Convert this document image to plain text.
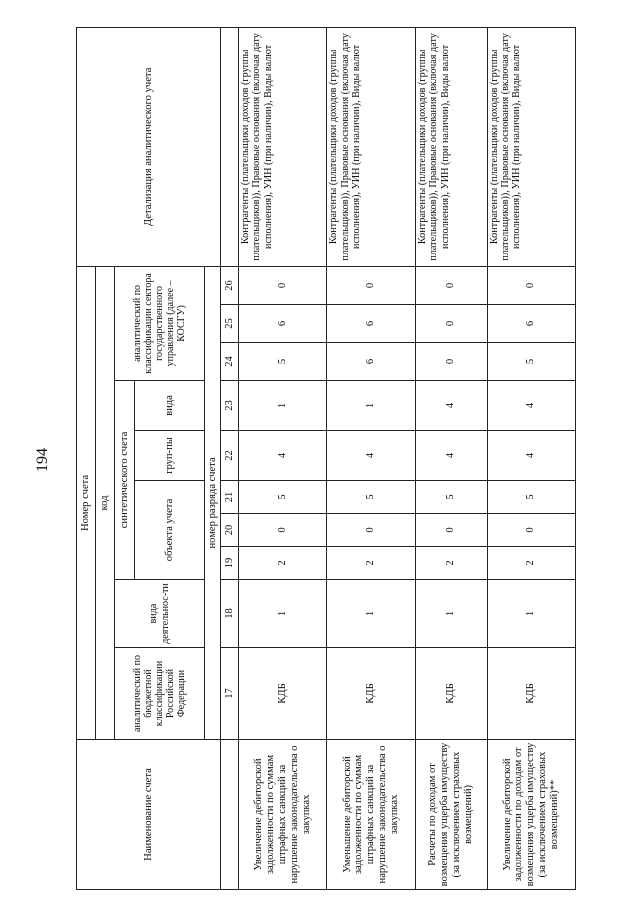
194
Наименование счета	Номер счета										Детализация аналитического учета
	код										
	аналитический по бюджетной классификации Российской Федерации	вида деятельнос-ти	синтетического счета					аналитический по классификации сектора государственного управления (далее – КОСГУ)			
			объекта учета			груп-пы	вида				
	номер разряда счета										
	17	18	19	20	21	22	23	24	25	26	
Увеличение дебиторской задолженности по суммам штрафных санкций за нарушение законодательства о закупках	КДБ	1	2	0	5	4	1	5	6	0	Контрагенты (плательщики доходов (группы плательщиков)), Правовые основания (включая дату исполнения), УИН (при наличии), Виды валют
Уменьшение дебиторской задолженности по суммам штрафных санкций за нарушение законодательства о закупках	КДБ	1	2	0	5	4	1	6	6	0	Контрагенты (плательщики доходов (группы плательщиков)), Правовые основания (включая дату исполнения), УИН (при наличии), Виды валют
Расчеты по доходам от возмещения ущерба имуществу (за исключением страховых возмещений)	КДБ	1	2	0	5	4	4	0	0	0	Контрагенты (плательщики доходов (группы плательщиков)), Правовые основания (включая дату исполнения), УИН (при наличии), Виды валют
Увеличение дебиторской задолженности по доходам от возмещения ущерба имуществу (за исключением страховых возмещений)**	КДБ	1	2	0	5	4	4	5	6	0	Контрагенты (плательщики доходов (группы плательщиков)), Правовые основания (включая дату исполнения), УИН (при наличии), Виды валют
